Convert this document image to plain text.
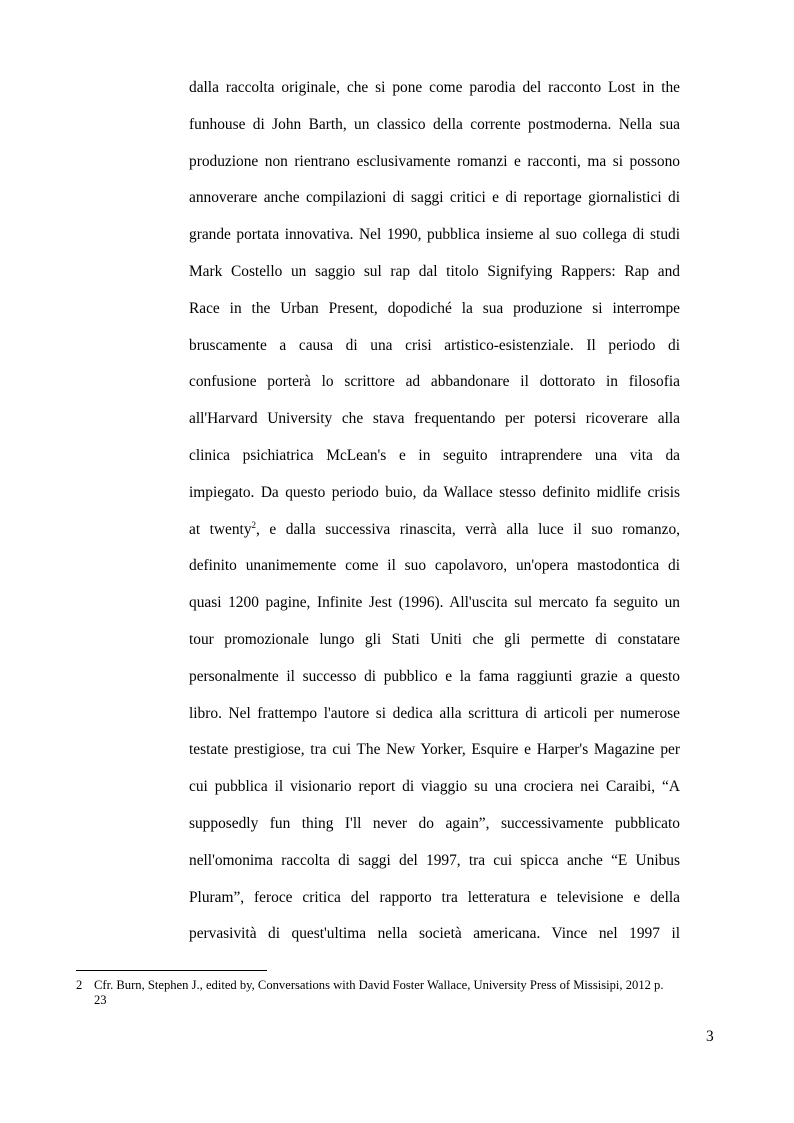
dalla raccolta originale, che si pone come parodia del racconto Lost in the
funhouse di John Barth, un classico della corrente postmoderna. Nella sua
produzione non rientrano esclusivamente romanzi e racconti, ma si possono
annoverare anche compilazioni di saggi critici e di reportage giornalistici di
grande portata innovativa. Nel 1990, pubblica insieme al suo collega di studi
Mark Costello un saggio sul rap dal titolo Signifying Rappers: Rap and
Race in the Urban Present, dopodiché la sua produzione si interrompe
bruscamente a causa di una crisi artistico-esistenziale. Il periodo di
confusione porterà lo scrittore ad abbandonare il dottorato in filosofia
all'Harvard University che stava frequentando per potersi ricoverare alla
clinica psichiatrica McLean's e in seguito intraprendere una vita da
impiegato. Da questo periodo buio, da Wallace stesso definito midlife crisis
at twenty$^2$, e dalla successiva rinascita, verrà alla luce il suo romanzo,
definito unanimemente come il suo capolavoro, un'opera mastodontica di
quasi 1200 pagine, Infinite Jest (1996). All'uscita sul mercato fa seguito un
tour promozionale lungo gli Stati Uniti che gli permette di constatare
personalmente il successo di pubblico e la fama raggiunti grazie a questo
libro. Nel frattempo l'autore si dedica alla scrittura di articoli per numerose
testate prestigiose, tra cui The New Yorker, Esquire e Harper's Magazine per
cui pubblica il visionario report di viaggio su una crociera nei Caraibi, “A
supposedly fun thing I'll never do again”, successivamente pubblicato
nell'omonima raccolta di saggi del 1997, tra cui spicca anche “E Unibus
Pluram”, feroce critica del rapporto tra letteratura e televisione e della
pervasività di quest'ultima nella società americana. Vince nel 1997 il
2 Cfr. Burn, Stephen J., edited by, Conversations with David Foster Wallace, University Press of Missisipi, 2012 p.
23
3
